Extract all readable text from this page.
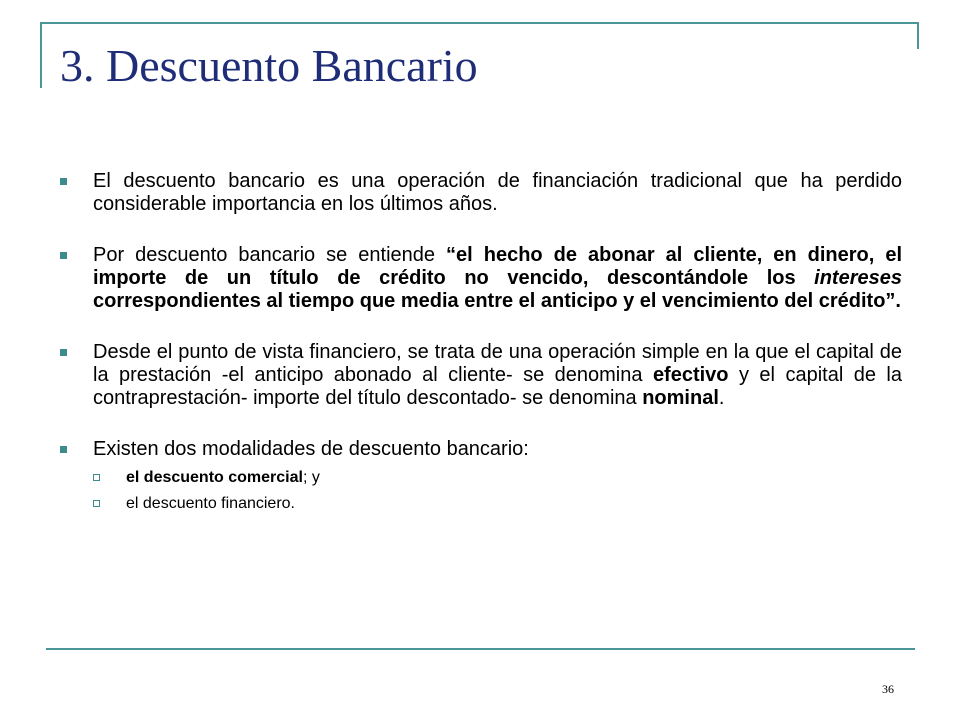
3. Descuento Bancario
El descuento bancario es una operación de financiación tradicional que ha perdido considerable importancia en los últimos años.
Por descuento bancario se entiende “el hecho de abonar al cliente, en dinero, el importe de un título de crédito no vencido, descontándole los intereses correspondientes al tiempo que media entre el anticipo y el vencimiento del crédito”.
Desde el punto de vista financiero, se trata de una operación simple en la que el capital de la prestación -el anticipo abonado al cliente- se denomina efectivo y el capital de la contraprestación- importe del título descontado- se denomina nominal.
Existen dos modalidades de descuento bancario:
el descuento comercial; y
el descuento financiero.
36
